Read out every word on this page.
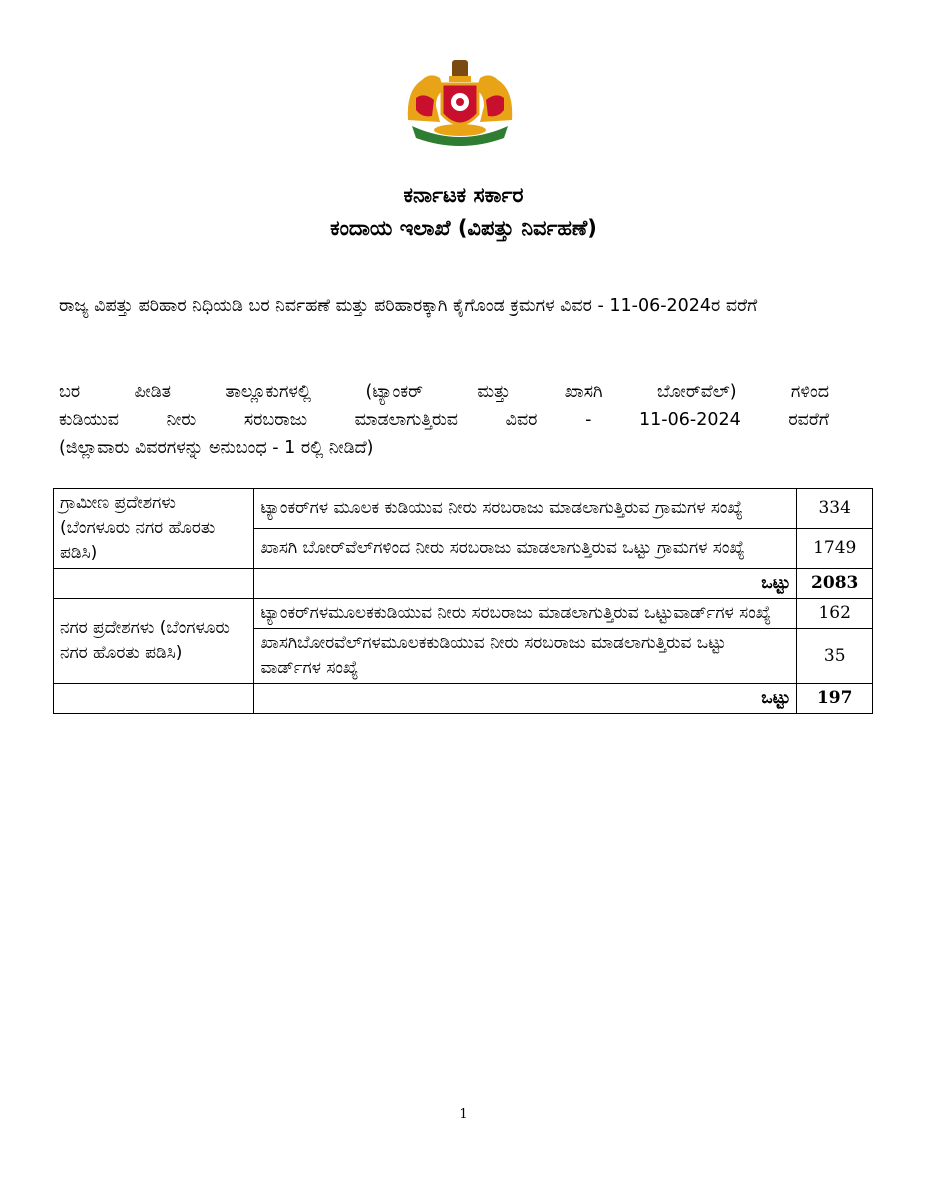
ಕರ್ನಾಟಕ ಸರ್ಕಾರ
ಕಂದಾಯ ಇಲಾಖೆ (ವಿಪತ್ತು ನಿರ್ವಹಣೆ)
ರಾಜ್ಯ ವಿಪತ್ತು ಪರಿಹಾರ ನಿಧಿಯಡಿ ಬರ ನಿರ್ವಹಣೆ ಮತ್ತು ಪರಿಹಾರಕ್ಕಾಗಿ ಕೈಗೊಂಡ ಕ್ರಮಗಳ ವಿವರ - 11-06-2024ರ ವರೆಗೆ
ಬರ ಪೀಡಿತ ತಾಲ್ಲೂಕುಗಳಲ್ಲಿ (ಟ್ಯಾಂಕರ್ ಮತ್ತು ಖಾಸಗಿ ಬೋರ್‌ವೆಲ್) ಗಳಿಂದ
ಕುಡಿಯುವ ನೀರು ಸರಬರಾಜು ಮಾಡಲಾಗುತ್ತಿರುವ ವಿವರ - 11-06-2024 ರವರೆಗೆ
(ಜಿಲ್ಲಾವಾರು ವಿವರಗಳನ್ನು ಅನುಬಂಧ - 1 ರಲ್ಲಿ ನೀಡಿದೆ)
ಗ್ರಾಮೀಣ ಪ್ರದೇಶಗಳು (ಬೆಂಗಳೂರು ನಗರ ಹೊರತು ಪಡಿಸಿ)	ಟ್ಯಾಂಕರ್‌ಗಳ ಮೂಲಕ ಕುಡಿಯುವ ನೀರು ಸರಬರಾಜು ಮಾಡಲಾಗುತ್ತಿರುವ ಗ್ರಾಮಗಳ ಸಂಖ್ಯೆ	334
	ಖಾಸಗಿ ಬೋರ್‌ವೆಲ್‌ಗಳಿಂದ ನೀರು ಸರಬರಾಜು ಮಾಡಲಾಗುತ್ತಿರುವ ಒಟ್ಟು ಗ್ರಾಮಗಳ ಸಂಖ್ಯೆ	1749
	ಒಟ್ಟು	2083
ನಗರ ಪ್ರದೇಶಗಳು (ಬೆಂಗಳೂರು ನಗರ ಹೊರತು ಪಡಿಸಿ)	ಟ್ಯಾಂಕರ್‌ಗಳಮೂಲಕಕುಡಿಯುವ ನೀರು ಸರಬರಾಜು ಮಾಡಲಾಗುತ್ತಿರುವ ಒಟ್ಟುವಾರ್ಡ್‌ಗಳ ಸಂಖ್ಯೆ	162
	ಖಾಸಗಿಬೋರವೆಲ್‌ಗಳಮೂಲಕಕುಡಿಯುವ ನೀರು ಸರಬರಾಜು ಮಾಡಲಾಗುತ್ತಿರುವ ಒಟ್ಟು ವಾರ್ಡ್‌ಗಳ ಸಂಖ್ಯೆ	35
	ಒಟ್ಟು	197
1
